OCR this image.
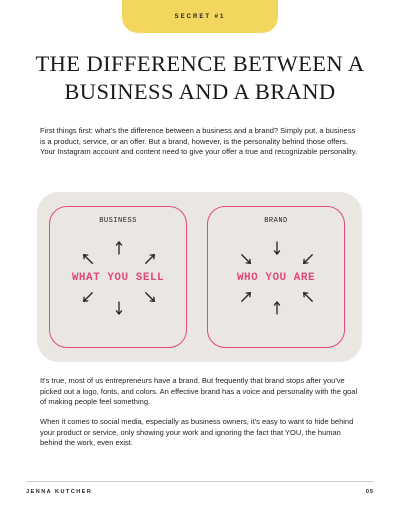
SECRET #1
THE DIFFERENCE BETWEEN A
BUSINESS AND A BRAND

First things first: what's the difference between a business and a brand? Simply put, a business is a product, service, or an offer. But a brand, however, is the personality behind those offers. Your Instagram account and content need to give your offer a true and recognizable personality.

BUSINESS
WHAT YOU SELL
BRAND
WHO YOU ARE

It's true, most of us entrepreneurs have a brand. But frequently that brand stops after you've picked out a logo, fonts, and colors. An effective brand has a voice and personality with the goal of making people feel something.

When it comes to social media, especially as business owners, it's easy to want to hide behind your product or service, only showing your work and ignoring the fact that YOU, the human behind the work, even exist.

JENNA KUTCHER	05
